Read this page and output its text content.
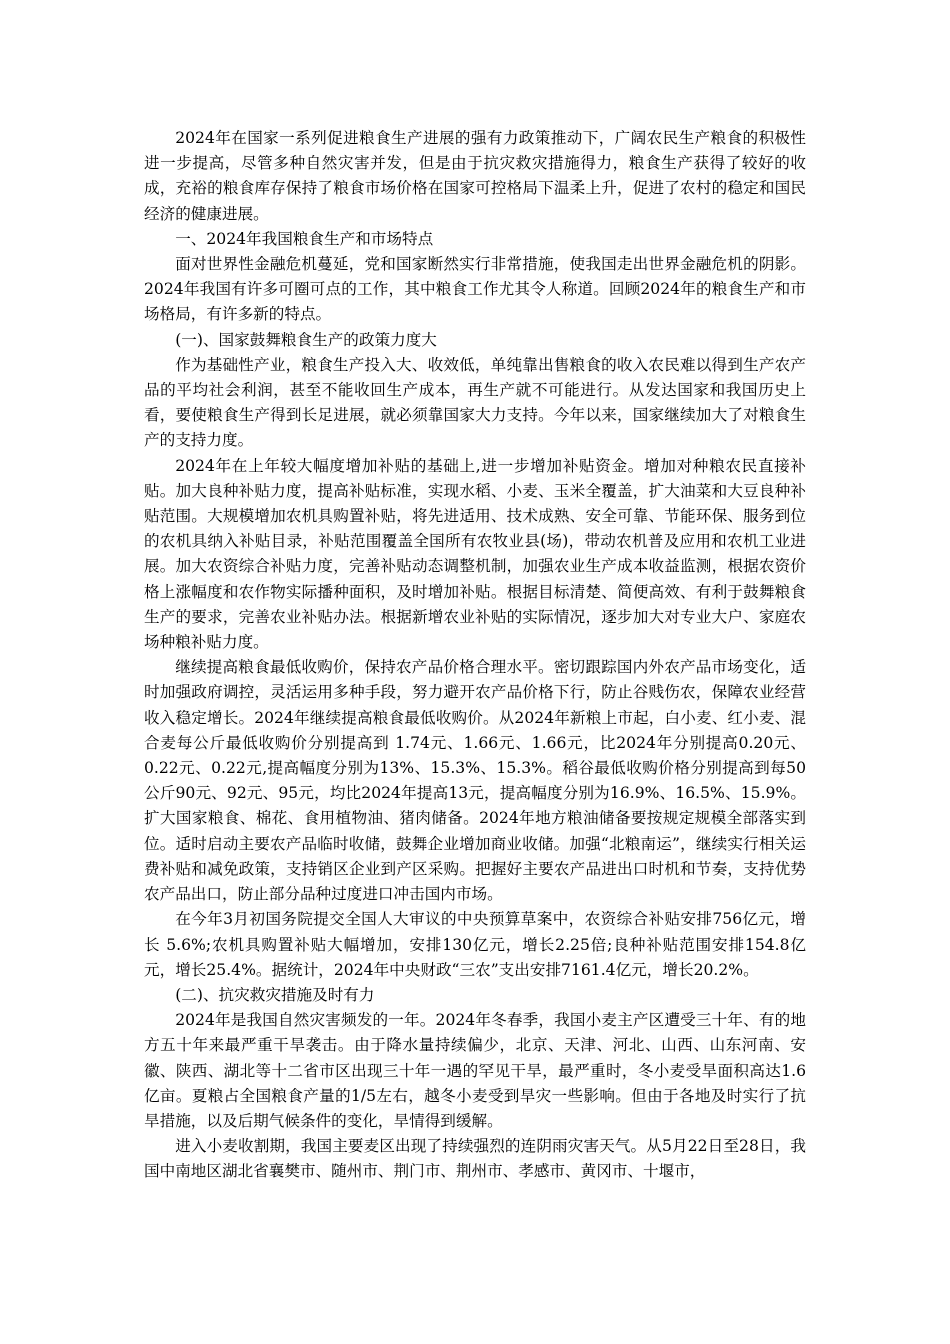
2024年在国家一系列促进粮食生产进展的强有力政策推动下，广阔农民生产粮食的积极性进一步提高，尽管多种自然灾害并发，但是由于抗灾救灾措施得力，粮食生产获得了较好的收成，充裕的粮食库存保持了粮食市场价格在国家可控格局下温柔上升，促进了农村的稳定和国民经济的健康进展。

一、2024年我国粮食生产和市场特点

面对世界性金融危机蔓延，党和国家断然实行非常措施，使我国走出世界金融危机的阴影。 2024年我国有许多可圈可点的工作，其中粮食工作尤其令人称道。回顾2024年的粮食生产和市场格局，有许多新的特点。

(一)、国家鼓舞粮食生产的政策力度大

作为基础性产业，粮食生产投入大、收效低，单纯靠出售粮食的收入农民难以得到生产农产品的平均社会利润，甚至不能收回生产成本，再生产就不可能进行。从发达国家和我国历史上看，要使粮食生产得到长足进展，就必须靠国家大力支持。今年以来，国家继续加大了对粮食生产的支持力度。

2024年在上年较大幅度增加补贴的基础上,进一步增加补贴资金。增加对种粮农民直接补贴。加大良种补贴力度，提高补贴标准，实现水稻、小麦、玉米全覆盖，扩大油菜和大豆良种补贴范围。大规模增加农机具购置补贴，将先进适用、技术成熟、安全可靠、节能环保、服务到位的农机具纳入补贴目录，补贴范围覆盖全国所有农牧业县(场)，带动农机普及应用和农机工业进展。加大农资综合补贴力度，完善补贴动态调整机制，加强农业生产成本收益监测，根据农资价格上涨幅度和农作物实际播种面积，及时增加补贴。根据目标清楚、简便高效、有利于鼓舞粮食生产的要求，完善农业补贴办法。根据新增农业补贴的实际情况，逐步加大对专业大户、家庭农场种粮补贴力度。

继续提高粮食最低收购价，保持农产品价格合理水平。密切跟踪国内外农产品市场变化，适时加强政府调控，灵活运用多种手段，努力避开农产品价格下行，防止谷贱伤农，保障农业经营收入稳定增长。2024年继续提高粮食最低收购价。从2024年新粮上市起，白小麦、红小麦、混合麦每公斤最低收购价分别提高到 1.74元、1.66元、1.66元，比2024年分别提高0.20元、0.22元、0.22元,提高幅度分别为13%、15.3%、15.3%。稻谷最低收购价格分别提高到每50公斤90元、92元、95元，均比2024年提高13元，提高幅度分别为16.9%、16.5%、15.9%。扩大国家粮食、棉花、食用植物油、猪肉储备。2024年地方粮油储备要按规定规模全部落实到位。适时启动主要农产品临时收储，鼓舞企业增加商业收储。加强“北粮南运”，继续实行相关运费补贴和减免政策，支持销区企业到产区采购。把握好主要农产品进出口时机和节奏，支持优势农产品出口，防止部分品种过度进口冲击国内市场。

在今年3月初国务院提交全国人大审议的中央预算草案中，农资综合补贴安排756亿元，增长 5.6%;农机具购置补贴大幅增加，安排130亿元，增长2.25倍;良种补贴范围安排154.8亿元，增长25.4%。据统计，2024年中央财政“三农”支出安排7161.4亿元，增长20.2%。

(二)、抗灾救灾措施及时有力

2024年是我国自然灾害频发的一年。2024年冬春季，我国小麦主产区遭受三十年、有的地方五十年来最严重干旱袭击。由于降水量持续偏少，北京、天津、河北、山西、山东河南、安徽、陕西、湖北等十二省市区出现三十年一遇的罕见干旱，最严重时，冬小麦受旱面积高达1.6亿亩。夏粮占全国粮食产量的1/5左右，越冬小麦受到旱灾一些影响。但由于各地及时实行了抗旱措施，以及后期气候条件的变化，旱情得到缓解。

进入小麦收割期，我国主要麦区出现了持续强烈的连阴雨灾害天气。从5月22日至28日，我国中南地区湖北省襄樊市、随州市、荆门市、荆州市、孝感市、黄冈市、十堰市，
